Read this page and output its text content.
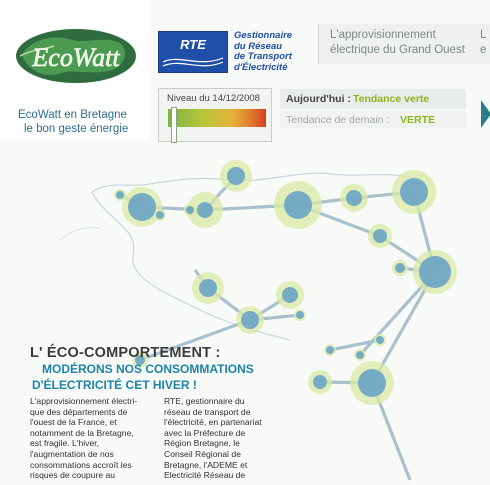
EcoWatt
EcoWatt en Bretagne
le bon geste énergie
RTE
Gestionnaire
du Réseau
de Transport
d'Électricité
L'approvisionnement
électrique du Grand Ouest
L
e
Niveau du 14/12/2008 Aujourd'hui : Tendance verte
Tendance de demain : VERTE
L' ÉCO-COMPORTEMENT :
MODÉRONS NOS CONSOMMATIONS
D'ÉLECTRICITÉ CET HIVER !
L'approvisionnement électri-
que des départements de
l'ouest de la France, et
notamment de la Bretagne,
est fragile. L'hiver,
l'augmentation de nos
consommations accroît les
risques de coupure au
RTE, gestionnaire du
réseau de transport de
l'électricité, en partenariat
avec la Préfecture de
Région Bretagne, le
Conseil Régional de
Bretagne, l'ADEME et
Electricité Réseau de
